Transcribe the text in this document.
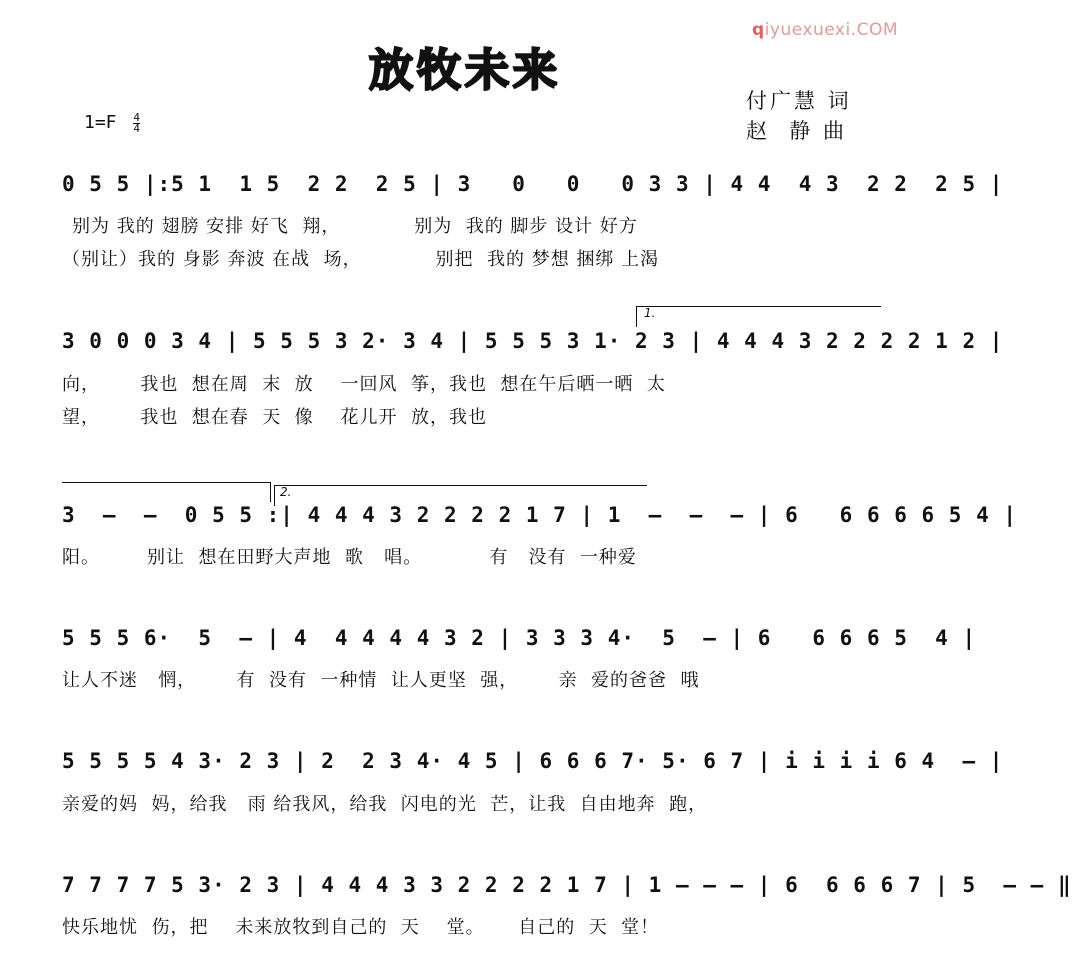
qiyuexuexi.COM
放牧未来
付广慧 词
赵  静 曲
$1=F \frac{4}{4}$
0 5 5 |:5 1  1 5  2 2  2 5 | 3   0   0   0 3 3 | 4 4  4 3  2 2  2 5 |
别为 我的 翅膀 安排 好飞  翔，           别为  我的 脚步 设计 好方
（别让）我的 身影 奔波 在战  场，           别把  我的 梦想 捆绑 上渴
1.
3 0 0 0 3 4 | 5 5 5 3 2· 3 4 | 5 5 5 3 1· 2 3 | 4 4 4 3 2 2 2 2 1 2 |
向，      我也  想在周  末  放    一回风  筝，我也  想在午后晒一晒  太
望，      我也  想在春  天  像    花儿开  放，我也
2.
3  –  –  0 5 5 :| 4 4 4 3 2 2 2 2 1 7 | 1  –  –  – | 6   6 6 6 6 5 4 |
阳。       别让  想在田野大声地  歌   唱。          有   没有  一种爱
5 5 5 6·  5  – | 4  4 4 4 4 3 2 | 3 3 3 4·  5  – | 6   6 6 6 5  4 |
让人不迷   惘，      有  没有  一种情  让人更坚  强，      亲  爱的爸爸  哦
5 5 5 5 4 3· 2 3 | 2  2 3 4· 4 5 | 6 6 6 7· 5· 6 7 | i i i i 6 4  – |
亲爱的妈  妈，给我   雨 给我风，给我  闪电的光  芒，让我  自由地奔  跑，
7 7 7 7 5 3· 2 3 | 4 4 4 3 3 2 2 2 2 1 7 | 1 – – – | 6  6 6 6 7 | 5  – – ‖
快乐地忧  伤，把    未来放牧到自己的  天    堂。     自己的  天  堂！
